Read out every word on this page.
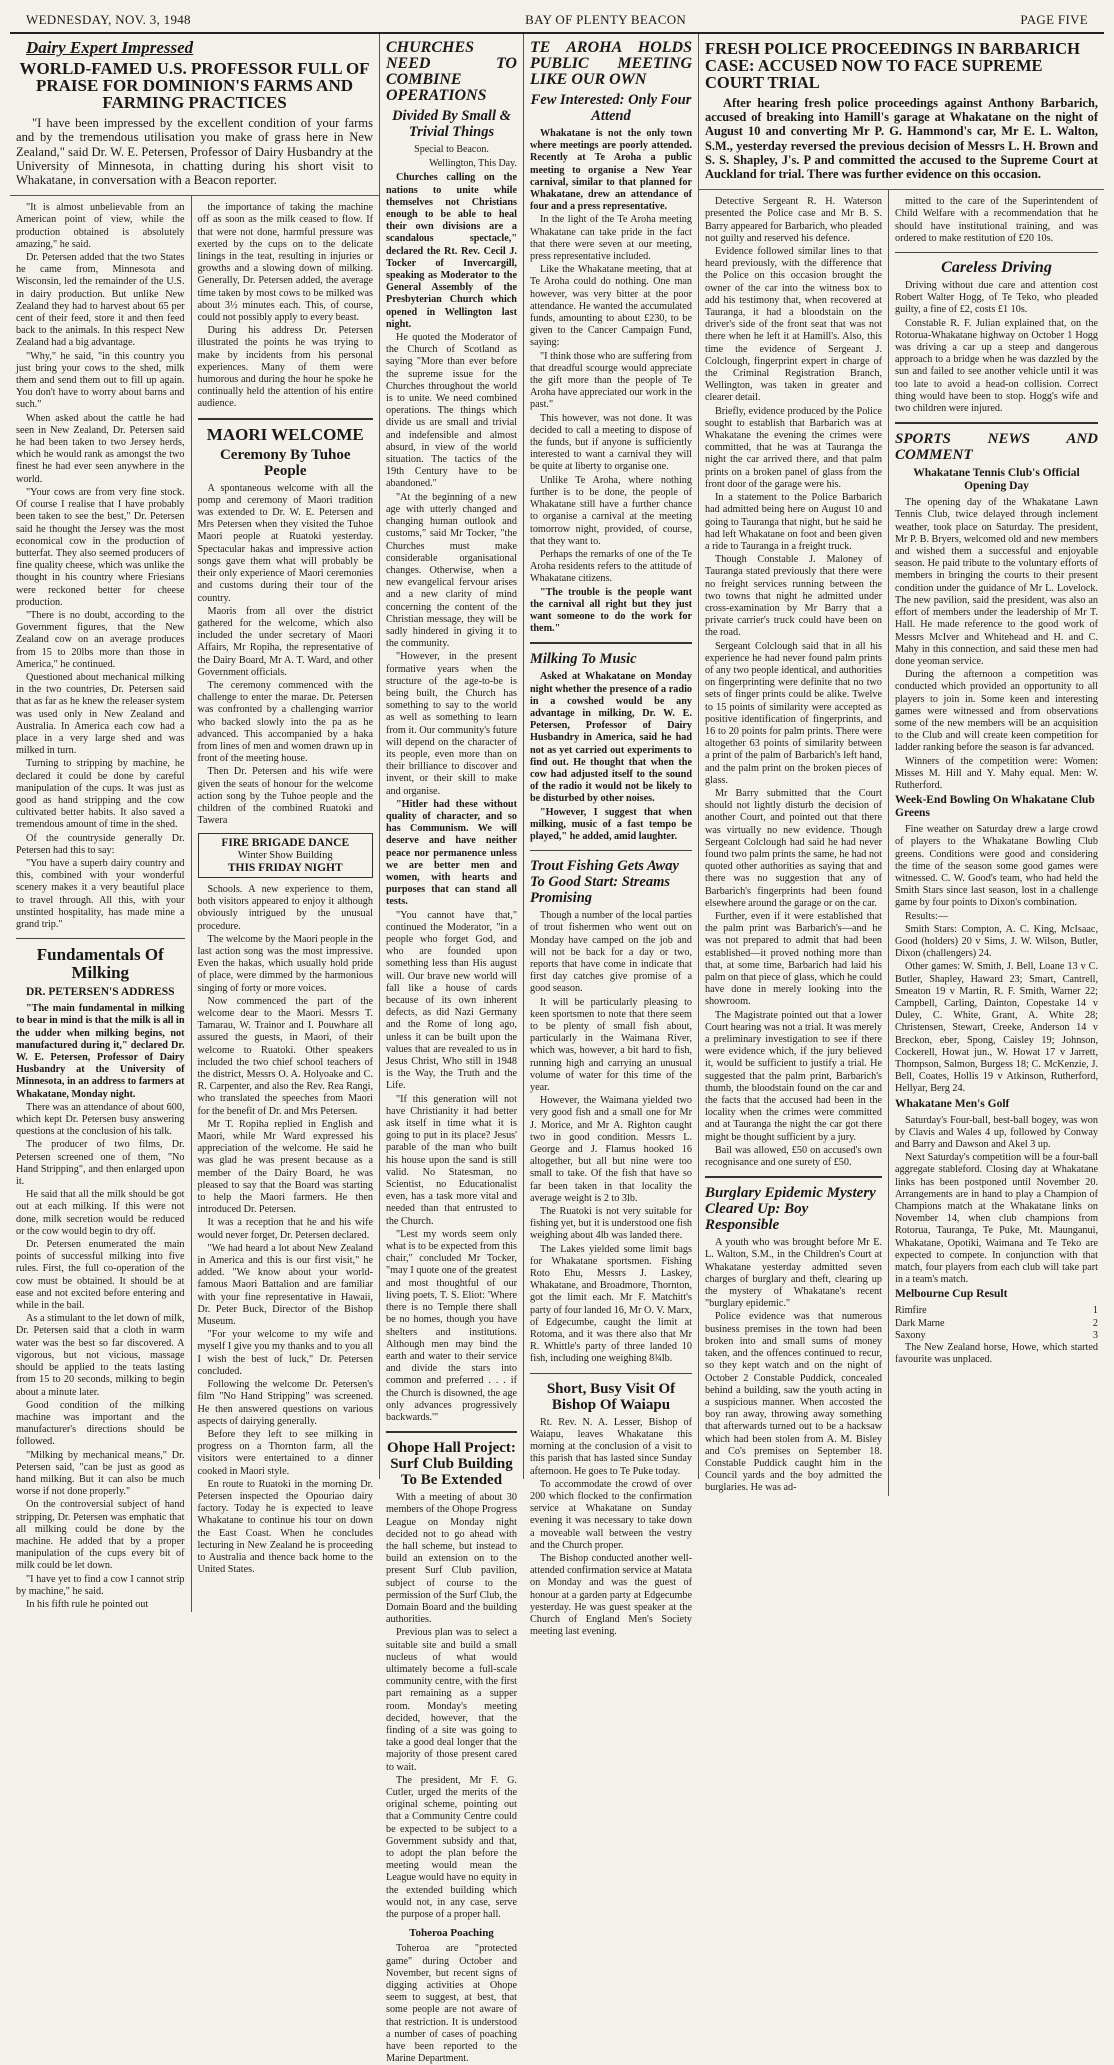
WEDNESDAY, NOV. 3, 1948	BAY OF PLENTY BEACON	PAGE FIVE
Dairy Expert Impressed
WORLD-FAMED U.S. PROFESSOR FULL OF PRAISE FOR DOMINION'S FARMS AND FARMING PRACTICES
"I have been impressed by the excellent condition of your farms and by the tremendous utilisation you make of grass here in New Zealand," said Dr. W. E. Petersen, Professor of Dairy Husbandry at the University of Minnesota, in chatting during his short visit to Whakatane, in conversation with a Beacon reporter.

"It is almost unbelievable from an American point of view, while the production obtained is absolutely amazing," he said.

Dr. Petersen added that the two States he came from, Minnesota and Wisconsin, led the remainder of the U.S. in dairy production. But unlike New Zealand they had to harvest about 65 per cent of their feed, store it and then feed back to the animals. In this respect New Zealand had a big advantage.

"Why," he said, "in this country you just bring your cows to the shed, milk them and send them out to fill up again. You don't have to worry about barns and such."

When asked about the cattle he had seen in New Zealand, Dr. Petersen said he had been taken to two Jersey herds, which he would rank as amongst the two finest he had ever seen anywhere in the world.

"Your cows are from very fine stock. Of course I realise that I have probably been taken to see the best," Dr. Petersen said he thought the Jersey was the most economical cow in the production of butterfat. They also seemed producers of fine quality cheese, which was unlike the thought in his country where Friesians were reckoned better for cheese production.

"There is no doubt, according to the Government figures, that the New Zealand cow on an average produces from 15 to 20lbs more than those in America," he continued.

Questioned about mechanical milking in the two countries, Dr. Petersen said that as far as he knew the releaser system was used only in New Zealand and Australia. In America each cow had a place in a very large shed and was milked in turn.

Turning to stripping by machine, he declared it could be done by careful manipulation of the cups. It was just as good as hand stripping and the cow cultivated better habits. It also saved a tremendous amount of time in the shed.

Of the countryside generally Dr. Petersen had this to say:

"You have a superb dairy country and this, combined with your wonderful scenery makes it a very beautiful place to travel through. All this, with your unstinted hospitality, has made mine a grand trip."

Fundamentals Of Milking
DR. PETERSEN'S ADDRESS

"The main fundamental in milking to bear in mind is that the milk is all in the udder when milking begins, not manufactured during it," declared Dr. W. E. Petersen, Professor of Dairy Husbandry at the University of Minnesota, in an address to farmers at Whakatane, Monday night.

There was an attendance of about 600, which kept Dr. Petersen busy answering questions at the conclusion of his talk.

The producer of two films, Dr. Petersen screened one of them, "No Hand Stripping", and then enlarged upon it.

He said that all the milk should be got out at each milking. If this were not done, milk secretion would be reduced or the cow would begin to dry off.

Dr. Petersen enumerated the main points of successful milking into five rules. First, the full co-operation of the cow must be obtained. It should be at ease and not excited before entering and while in the bail.

As a stimulant to the let down of milk, Dr. Petersen said that a cloth in warm water was the best so far discovered. A vigorous, but not vicious, massage should be applied to the teats lasting from 15 to 20 seconds, milking to begin about a minute later.

Good condition of the milking machine was important and the manufacturer's directions should be followed.

"Milking by mechanical means," Dr. Petersen said, "can be just as good as hand milking. But it can also be much worse if not done properly."

On the controversial subject of hand stripping, Dr. Petersen was emphatic that all milking could be done by the machine. He added that by a proper manipulation of the cups every bit of milk could be let down.

"I have yet to find a cow I cannot strip by machine," he said.

In his fifth rule he pointed out

the importance of taking the machine off as soon as the milk ceased to flow. If that were not done, harmful pressure was exerted by the cups on to the delicate linings in the teat, resulting in injuries or growths and a slowing down of milking. Generally, Dr. Petersen added, the average time taken by most cows to be milked was about 3½ minutes each. This, of course, could not possibly apply to every beast.

During his address Dr. Petersen illustrated the points he was trying to make by incidents from his personal experiences. Many of them were humorous and during the hour he spoke he continually held the attention of his entire audience.

MAORI WELCOME
Ceremony By Tuhoe People

A spontaneous welcome with all the pomp and ceremony of Maori tradition was extended to Dr. W. E. Petersen and Mrs Petersen when they visited the Tuhoe Maori people at Ruatoki yesterday. Spectacular hakas and impressive action songs gave them what will probably be their only experience of Maori ceremonies and customs during their tour of the country.

Maoris from all over the district gathered for the welcome, which also included the under secretary of Maori Affairs, Mr Ropiha, the representative of the Dairy Board, Mr A. T. Ward, and other Government officials.

The ceremony commenced with the challenge to enter the marae. Dr. Petersen was confronted by a challenging warrior who backed slowly into the pa as he advanced. This accompanied by a haka from lines of men and women drawn up in front of the meeting house.

Then Dr. Petersen and his wife were given the seats of honour for the welcome action song by the Tuhoe people and the children of the combined Ruatoki and Tawera

FIRE BRIGADE DANCE
Winter Show Building
THIS FRIDAY NIGHT

Schools. A new experience to them, both visitors appeared to enjoy it although obviously intrigued by the unusual procedure.

The welcome by the Maori people in the last action song was the most impressive. Even the hakas, which usually hold pride of place, were dimmed by the harmonious singing of forty or more voices.

Now commenced the part of the welcome dear to the Maori. Messrs T. Tamarau, W. Trainor and I. Pouwhare all assured the guests, in Maori, of their welcome to Ruatoki. Other speakers included the two chief school teachers of the district, Messrs O. A. Holyoake and C. R. Carpenter, and also the Rev. Rea Rangi, who translated the speeches from Maori for the benefit of Dr. and Mrs Petersen.

Mr T. Ropiha replied in English and Maori, while Mr Ward expressed his appreciation of the welcome. He said he was glad he was present because as a member of the Dairy Board, he was pleased to say that the Board was starting to help the Maori farmers. He then introduced Dr. Petersen.

It was a reception that he and his wife would never forget, Dr. Petersen declared.

"We had heard a lot about New Zealand in America and this is our first visit," he added. "We know about your world-famous Maori Battalion and are familiar with your fine representative in Hawaii, Dr. Peter Buck, Director of the Bishop Museum.

"For your welcome to my wife and myself I give you my thanks and to you all I wish the best of luck," Dr. Petersen concluded.

Following the welcome Dr. Petersen's film "No Hand Stripping" was screened. He then answered questions on various aspects of dairying generally.

Before they left to see milking in progress on a Thornton farm, all the visitors were entertained to a dinner cooked in Maori style.

En route to Ruatoki in the morning Dr. Petersen inspected the Opouriao dairy factory. Today he is expected to leave Whakatane to continue his tour on down the East Coast. When he concludes lecturing in New Zealand he is proceeding to Australia and thence back home to the United States.

CHURCHES NEED TO COMBINE OPERATIONS
Divided By Small & Trivial Things
Special to Beacon.
Wellington, This Day.

Churches calling on the nations to unite while themselves not Christians enough to be able to heal their own divisions are a scandalous spectacle," declared the Rt. Rev. Cecil J. Tocker of Invercargill, speaking as Moderator to the General Assembly of the Presbyterian Church which opened in Wellington last night.

He quoted the Moderator of the Church of Scotland as saying "More than ever before the supreme issue for the Churches throughout the world is to unite. We need combined operations. The things which divide us are small and trivial and indefensible and almost absurd, in view of the world situation. The tactics of the 19th Century have to be abandoned."

"At the beginning of a new age with utterly changed and changing human outlook and customs," said Mr Tocker, "the Churches must make considerable organisational changes. Otherwise, when a new evangelical fervour arises and a new clarity of mind concerning the content of the Christian message, they will be sadly hindered in giving it to the community.

"However, in the present formative years when the structure of the age-to-be is being built, the Church has something to say to the world as well as something to learn from it. Our community's future will depend on the character of its people, even more than on their brilliance to discover and invent, or their skill to make and organise.

"Hitler had these without quality of character, and so has Communism. We will deserve and have neither peace nor permanence unless we are better men and women, with hearts and purposes that can stand all tests.

"You cannot have that," continued the Moderator, "in a people who forget God, and who are founded upon something less than His august will. Our brave new world will fall like a house of cards because of its own inherent defects, as did Nazi Germany and the Rome of long ago, unless it can be built upon the values that are revealed to us in Jesus Christ, Who still in 1948 is the Way, the Truth and the Life.

"If this generation will not have Christianity it had better ask itself in time what it is going to put in its place? Jesus' parable of the man who built his house upon the sand is still valid. No Statesman, no Scientist, no Educationalist even, has a task more vital and needed than that entrusted to the Church.

"Lest my words seem only what is to be expected from this chair," concluded Mr Tocker, "may I quote one of the greatest and most thoughtful of our living poets, T. S. Eliot: 'Where there is no Temple there shall be no homes, though you have shelters and institutions. Although men may bind the earth and water to their service and divide the stars into common and preferred . . . if the Church is disowned, the age only advances progressively backwards.'"

Ohope Hall Project: Surf Club Building To Be Extended

With a meeting of about 30 members of the Ohope Progress League on Monday night decided not to go ahead with the hall scheme, but instead to build an extension on to the present Surf Club pavilion, subject of course to the permission of the Surf Club, the Domain Board and the building authorities.

Previous plan was to select a suitable site and build a small nucleus of what would ultimately become a full-scale community centre, with the first part remaining as a supper room. Monday's meeting decided, however, that the finding of a site was going to take a good deal longer that the majority of those present cared to wait.

The president, Mr F. G. Cutler, urged the merits of the original scheme, pointing out that a Community Centre could be expected to be subject to a Government subsidy and that, to adopt the plan before the meeting would mean the League would have no equity in the extended building which would not, in any case, serve the purpose of a proper hall.

Toheroa Poaching

Toheroa are "protected game" during October and November, but recent signs of digging activities at Ohope seem to suggest, at best, that some people are not aware of that restriction. It is understood a number of cases of poaching have been reported to the Marine Department.

TE AROHA HOLDS PUBLIC MEETING LIKE OUR OWN
Few Interested: Only Four Attend

Whakatane is not the only town where meetings are poorly attended. Recently at Te Aroha a public meeting to organise a New Year carnival, similar to that planned for Whakatane, drew an attendance of four and a press representative.

In the light of the Te Aroha meeting Whakatane can take pride in the fact that there were seven at our meeting, press representative included.

Like the Whakatane meeting, that at Te Aroha could do nothing. One man however, was very bitter at the poor attendance. He wanted the accumulated funds, amounting to about £230, to be given to the Cancer Campaign Fund, saying:

"I think those who are suffering from that dreadful scourge would appreciate the gift more than the people of Te Aroha have appreciated our work in the past."

This however, was not done. It was decided to call a meeting to dispose of the funds, but if anyone is sufficiently interested to want a carnival they will be quite at liberty to organise one.

Unlike Te Aroha, where nothing further is to be done, the people of Whakatane still have a further chance to organise a carnival at the meeting tomorrow night, provided, of course, that they want to.

Perhaps the remarks of one of the Te Aroha residents refers to the attitude of Whakatane citizens.

"The trouble is the people want the carnival all right but they just want someone to do the work for them."

Milking To Music

Asked at Whakatane on Monday night whether the presence of a radio in a cowshed would be any advantage in milking, Dr. W. E. Petersen, Professor of Dairy Husbandry in America, said he had not as yet carried out experiments to find out. He thought that when the cow had adjusted itself to the sound of the radio it would not be likely to be disturbed by other noises.

"However, I suggest that when milking, music of a fast tempo be played," he added, amid laughter.

Trout Fishing Gets Away To Good Start: Streams Promising

Though a number of the local parties of trout fishermen who went out on Monday have camped on the job and will not be back for a day or two, reports that have come in indicate that first day catches give promise of a good season.

It will be particularly pleasing to keen sportsmen to note that there seem to be plenty of small fish about, particularly in the Waimana River, which was, however, a bit hard to fish, running high and carrying an unusual volume of water for this time of the year.

However, the Waimana yielded two very good fish and a small one for Mr J. Morice, and Mr A. Righton caught two in good condition. Messrs L. George and J. Flamus hooked 16 altogether, but all but nine were too small to take. Of the fish that have so far been taken in that locality the average weight is 2 to 3lb.

The Ruatoki is not very suitable for fishing yet, but it is understood one fish weighing about 4lb was landed there.

The Lakes yielded some limit bags for Whakatane sportsmen. Fishing Roto Ehu, Messrs J. Laskey, Whakatane, and Broadmore, Thornton, got the limit each. Mr F. Matchitt's party of four landed 16, Mr O. V. Marx, of Edgecumbe, caught the limit at Rotoma, and it was there also that Mr R. Whittle's party of three landed 10 fish, including one weighing 8¾lb.

Short, Busy Visit Of Bishop Of Waiapu

Rt. Rev. N. A. Lesser, Bishop of Waiapu, leaves Whakatane this morning at the conclusion of a visit to this parish that has lasted since Sunday afternoon. He goes to Te Puke today.

To accommodate the crowd of over 200 which flocked to the confirmation service at Whakatane on Sunday evening it was necessary to take down a moveable wall between the vestry and the Church proper.

The Bishop conducted another well-attended confirmation service at Matata on Monday and was the guest of honour at a garden party at Edgecumbe yesterday. He was guest speaker at the Church of England Men's Society meeting last evening.

FRESH POLICE PROCEEDINGS IN BARBARICH CASE: ACCUSED NOW TO FACE SUPREME COURT TRIAL
After hearing fresh police proceedings against Anthony Barbarich, accused of breaking into Hamill's garage at Whakatane on the night of August 10 and converting Mr P. G. Hammond's car, Mr E. L. Walton, S.M., yesterday reversed the previous decision of Messrs L. H. Brown and S. S. Shapley, J's. P and committed the accused to the Supreme Court at Auckland for trial. There was further evidence on this occasion.

Detective Sergeant R. H. Waterson presented the Police case and Mr B. S. Barry appeared for Barbarich, who pleaded not guilty and reserved his defence.

Evidence followed similar lines to that heard previously, with the difference that the Police on this occasion brought the owner of the car into the witness box to add his testimony that, when recovered at Tauranga, it had a bloodstain on the driver's side of the front seat that was not there when he left it at Hamill's. Also, this time the evidence of Sergeant J. Colclough, fingerprint expert in charge of the Criminal Registration Branch, Wellington, was taken in greater and clearer detail.

Briefly, evidence produced by the Police sought to establish that Barbarich was at Whakatane the evening the crimes were committed, that he was at Tauranga the night the car arrived there, and that palm prints on a broken panel of glass from the front door of the garage were his.

In a statement to the Police Barbarich had admitted being here on August 10 and going to Tauranga that night, but he said he had left Whakatane on foot and been given a ride to Tauranga in a freight truck.

Though Constable J. Maloney of Tauranga stated previously that there were no freight services running between the two towns that night he admitted under cross-examination by Mr Barry that a private carrier's truck could have been on the road.

Sergeant Colclough said that in all his experience he had never found palm prints of any two people identical, and authorities on fingerprinting were definite that no two sets of finger prints could be alike. Twelve to 15 points of similarity were accepted as positive identification of fingerprints, and 16 to 20 points for palm prints. There were altogether 63 points of similarity between a print of the palm of Barbarich's left hand, and the palm print on the broken pieces of glass.

Mr Barry submitted that the Court should not lightly disturb the decision of another Court, and pointed out that there was virtually no new evidence. Though Sergeant Colclough had said he had never found two palm prints the same, he had not quoted other authorities as saying that and there was no suggestion that any of Barbarich's fingerprints had been found elsewhere around the garage or on the car.

Further, even if it were established that the palm print was Barbarich's—and he was not prepared to admit that had been established—it proved nothing more than that, at some time, Barbarich had laid his palm on that piece of glass, which he could have done in merely looking into the showroom.

The Magistrate pointed out that a lower Court hearing was not a trial. It was merely a preliminary investigation to see if there were evidence which, if the jury believed it, would be sufficient to justify a trial. He suggested that the palm print, Barbarich's thumb, the bloodstain found on the car and the facts that the accused had been in the locality when the crimes were committed and at Tauranga the night the car got there might be thought sufficient by a jury.

Bail was allowed, £50 on accused's own recognisance and one surety of £50.

Burglary Epidemic Mystery Cleared Up: Boy Responsible

A youth who was brought before Mr E. L. Walton, S.M., in the Children's Court at Whakatane yesterday admitted seven charges of burglary and theft, clearing up the mystery of Whakatane's recent "burglary epidemic."

Police evidence was that numerous business premises in the town had been broken into and small sums of money taken, and the offences continued to recur, so they kept watch and on the night of October 2 Constable Puddick, concealed behind a building, saw the youth acting in a suspicious manner. When accosted the boy ran away, throwing away something that afterwards turned out to be a hacksaw which had been stolen from A. M. Bisley and Co's premises on September 18. Constable Puddick caught him in the Council yards and the boy admitted the burglaries. He was ad-

mitted to the care of the Superintendent of Child Welfare with a recommendation that he should have institutional training, and was ordered to make restitution of £20 10s.

Careless Driving

Driving without due care and attention cost Robert Walter Hogg, of Te Teko, who pleaded guilty, a fine of £2, costs £1 10s.

Constable R. F. Julian explained that, on the Rotorua-Whakatane highway on October 1 Hogg was driving a car up a steep and dangerous approach to a bridge when he was dazzled by the sun and failed to see another vehicle until it was too late to avoid a head-on collision. Correct thing would have been to stop. Hogg's wife and two children were injured.

SPORTS NEWS AND COMMENT
Whakatane Tennis Club's Official Opening Day

The opening day of the Whakatane Lawn Tennis Club, twice delayed through inclement weather, took place on Saturday. The president, Mr P. B. Bryers, welcomed old and new members and wished them a successful and enjoyable season. He paid tribute to the voluntary efforts of members in bringing the courts to their present condition under the guidance of Mr L. Lovelock. The new pavilion, said the president, was also an effort of members under the leadership of Mr T. Hall. He made reference to the good work of Messrs McIver and Whitehead and H. and C. Mahy in this connection, and said these men had done yeoman service.

During the afternoon a competition was conducted which provided an opportunity to all players to join in. Some keen and interesting games were witnessed and from observations some of the new members will be an acquisition to the Club and will create keen competition for ladder ranking before the season is far advanced.

Winners of the competition were: Women: Misses M. Hill and Y. Mahy equal. Men: W. Rutherford.

Week-End Bowling On Whakatane Club Greens

Fine weather on Saturday drew a large crowd of players to the Whakatane Bowling Club greens. Conditions were good and considering the time of the season some good games were witnessed. C. W. Good's team, who had held the Smith Stars since last season, lost in a challenge game by four points to Dixon's combination.

Results:—

Smith Stars: Compton, A. C. King, McIsaac, Good (holders) 20 v Sims, J. W. Wilson, Butler, Dixon (challengers) 24.

Other games: W. Smith, J. Bell, Loane 13 v C. Butler, Shapley, Haward 23; Smart, Cantrell, Smeaton 19 v Martin, R. F. Smith, Warner 22; Campbell, Carling, Dainton, Copestake 14 v Duley, C. White, Grant, A. White 28; Christensen, Stewart, Creeke, Anderson 14 v Breckon, eber, Spong, Caisley 19; Johnson, Cockerell, Howat jun., W. Howat 17 v Jarrett, Thompson, Salmon, Burgess 18; C. McKenzie, J. Bell, Coates, Hollis 19 v Atkinson, Rutherford, Hellyar, Berg 24.

Whakatane Men's Golf

Saturday's Four-ball, best-ball bogey, was won by Clavis and Wales 4 up, followed by Conway and Barry and Dawson and Akel 3 up.

Next Saturday's competition will be a four-ball aggregate stableford. Closing day at Whakatane links has been postponed until November 20. Arrangements are in hand to play a Champion of Champions match at the Whakatane links on November 14, when club champions from Rotorua, Tauranga, Te Puke, Mt. Maunganui, Whakatane, Opotiki, Waimana and Te Teko are expected to compete. In conjunction with that match, four players from each club will take part in a team's match.

Melbourne Cup Result
Rimfire	1
Dark Marne	2
Saxony	3

The New Zealand horse, Howe, which started favourite was unplaced.
